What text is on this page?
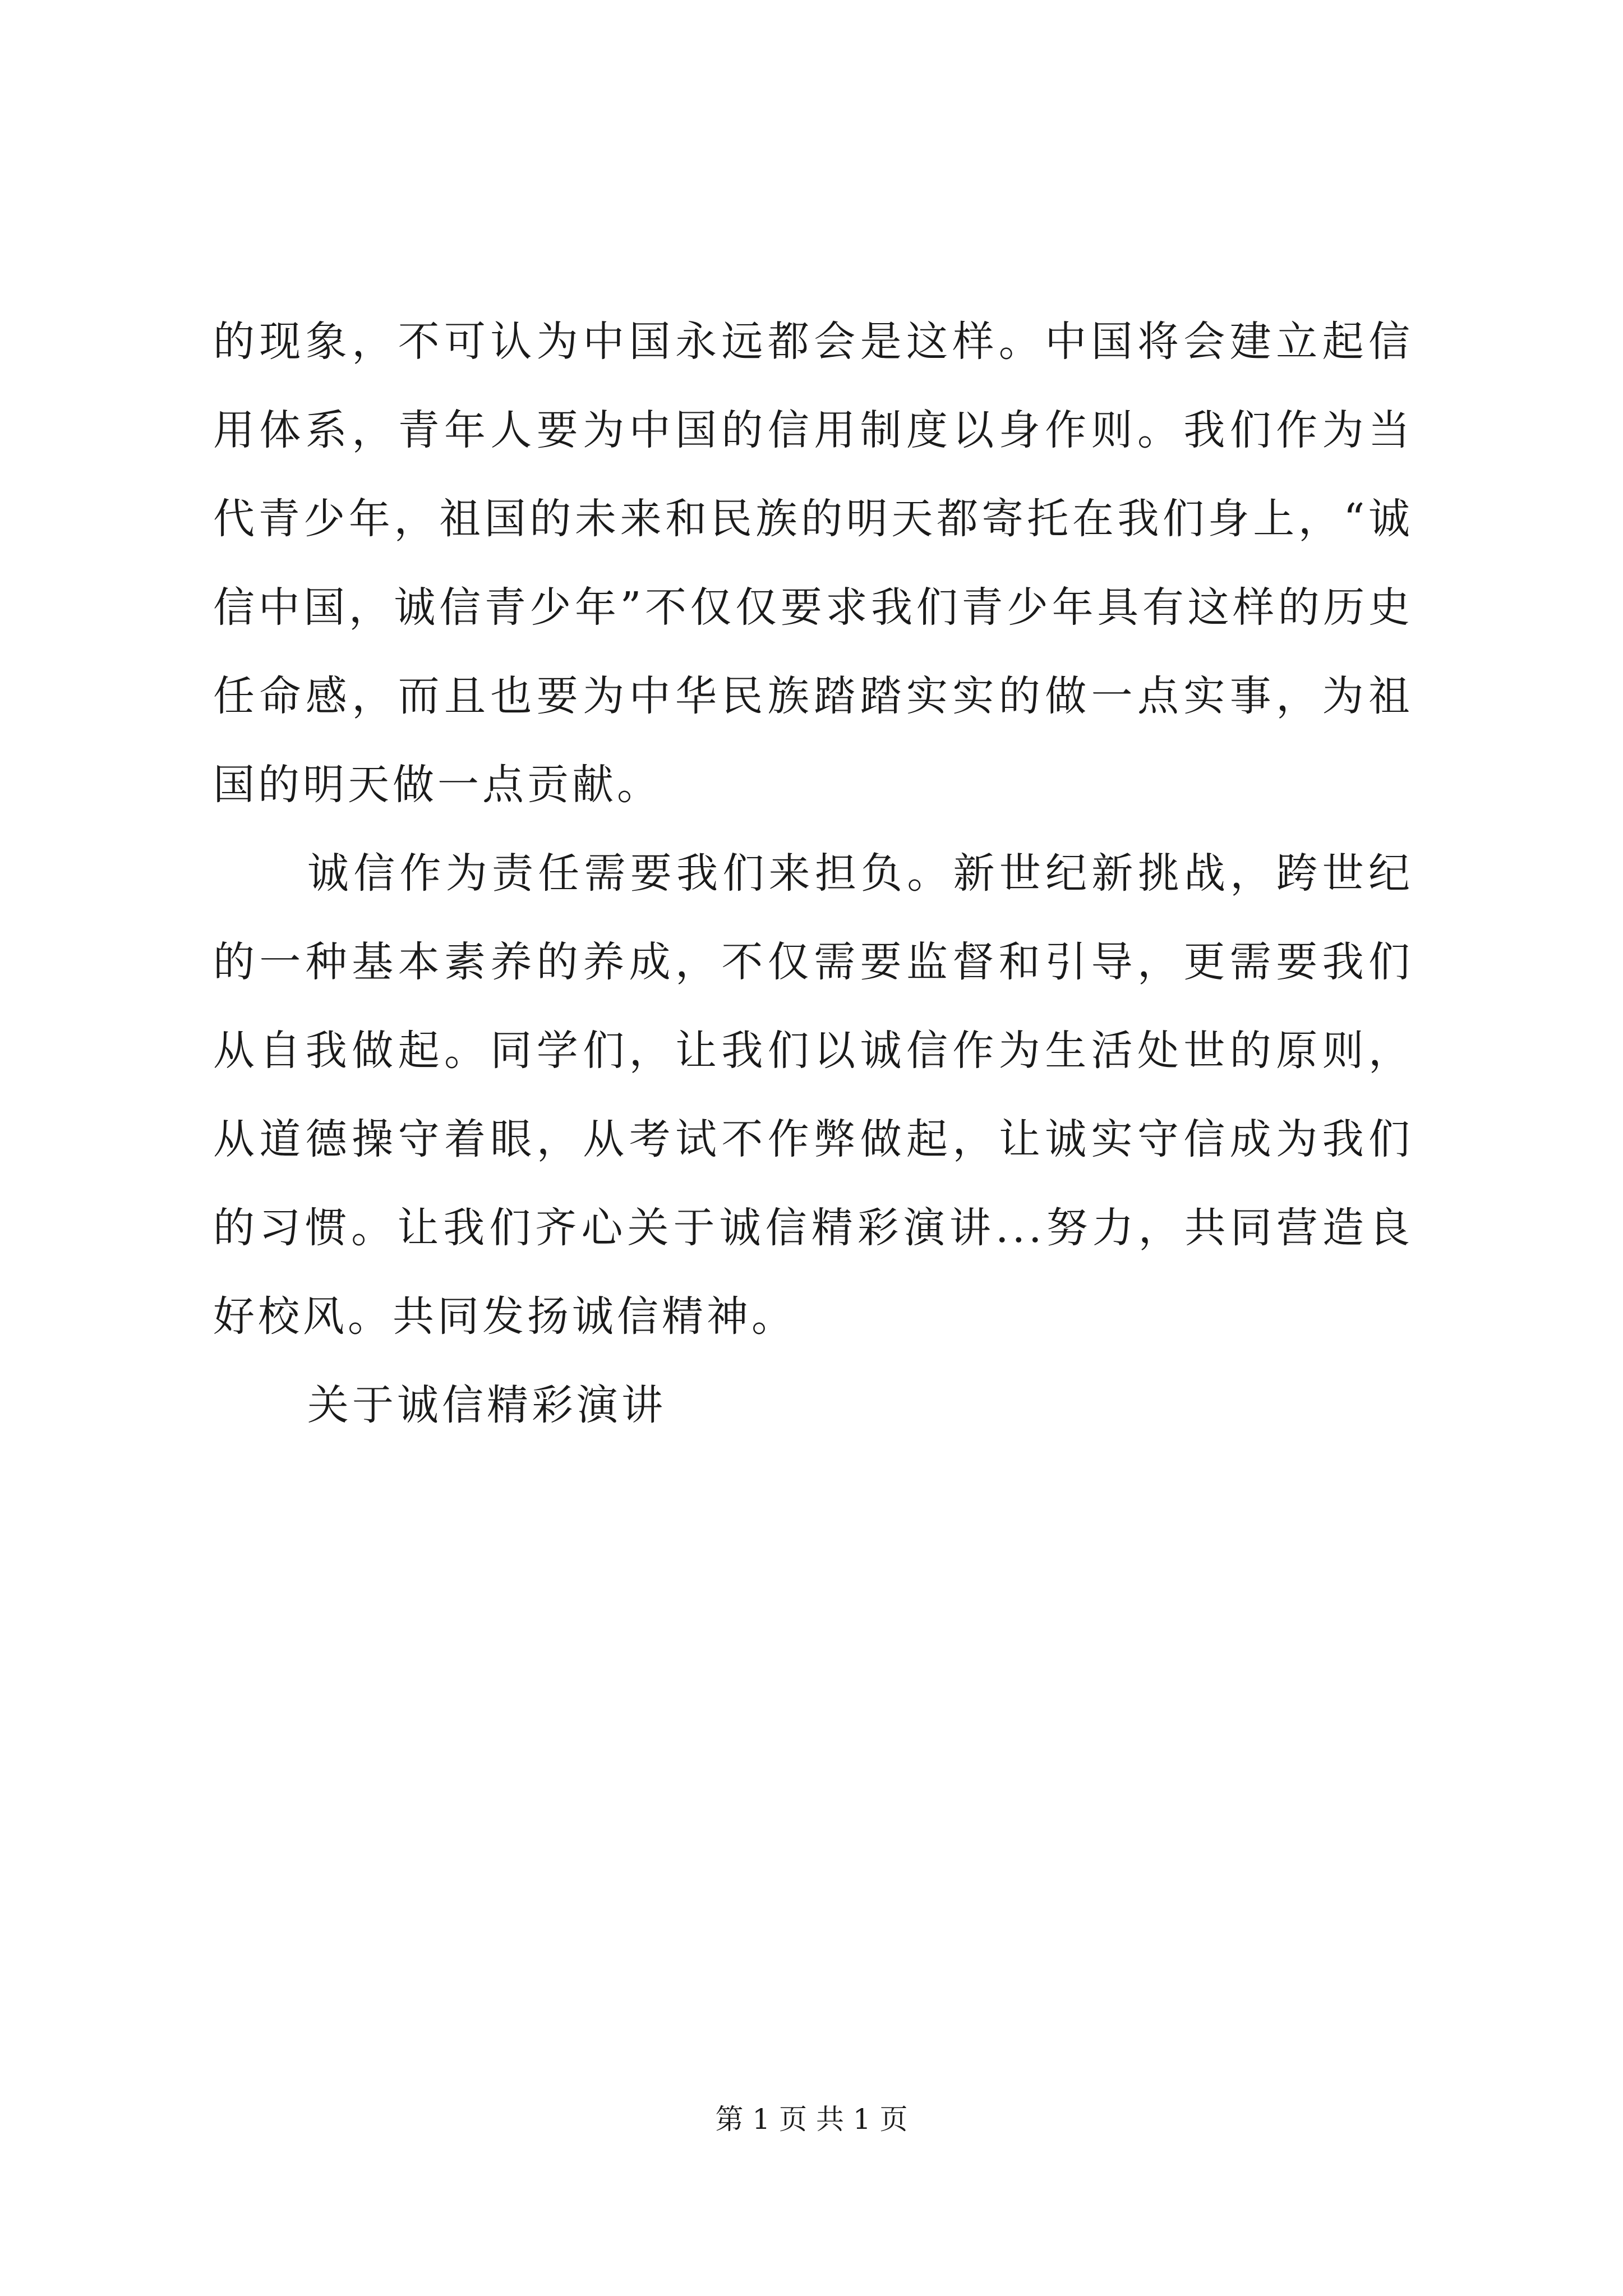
的现象，不可认为中国永远都会是这样。中国将会建立起信用体系，青年人要为中国的信用制度以身作则。我们作为当代青少年，祖国的未来和民族的明天都寄托在我们身上，“诚信中国，诚信青少年”不仅仅要求我们青少年具有这样的历史任命感，而且也要为中华民族踏踏实实的做一点实事，为祖国的明天做一点贡献。

诚信作为责任需要我们来担负。新世纪新挑战，跨世纪的一种基本素养的养成，不仅需要监督和引导，更需要我们从自我做起。同学们，让我们以诚信作为生活处世的原则，从道德操守着眼，从考试不作弊做起，让诚实守信成为我们的习惯。让我们齐心关于诚信精彩演讲...努力，共同营造良好校风。共同发扬诚信精神。

关于诚信精彩演讲

第 1 页 共 1 页
